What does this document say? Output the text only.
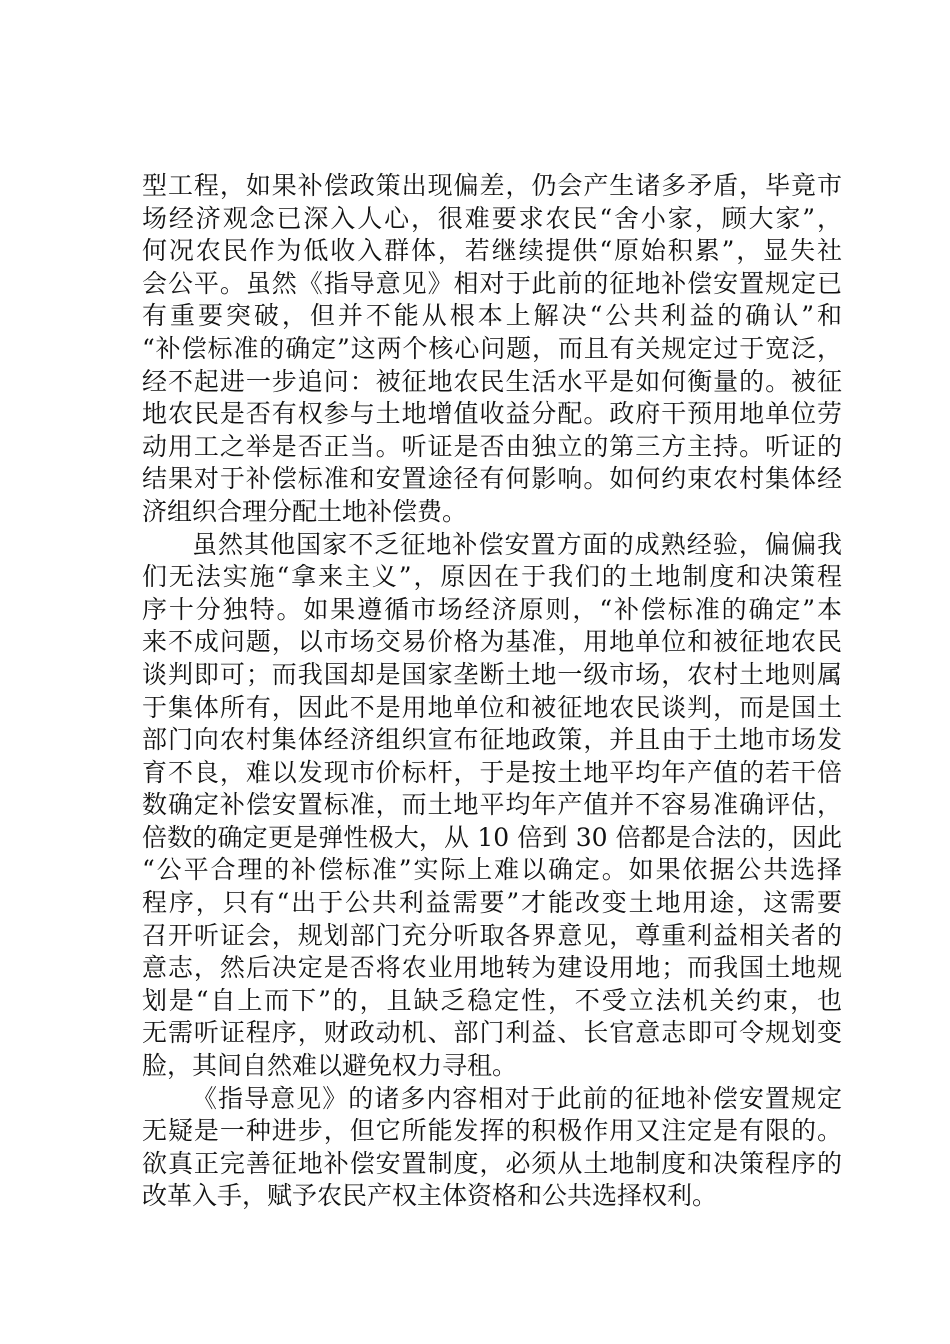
型工程，如果补偿政策出现偏差，仍会产生诸多矛盾，毕竟市
场经济观念已深入人心，很难要求农民“舍小家，顾大家”，
何况农民作为低收入群体，若继续提供“原始积累”，显失社
会公平。虽然《指导意见》相对于此前的征地补偿安置规定已
有重要突破，但并不能从根本上解决“公共利益的确认”和
“补偿标准的确定”这两个核心问题，而且有关规定过于宽泛，
经不起进一步追问：被征地农民生活水平是如何衡量的。被征
地农民是否有权参与土地增值收益分配。政府干预用地单位劳
动用工之举是否正当。听证是否由独立的第三方主持。听证的
结果对于补偿标准和安置途径有何影响。如何约束农村集体经
济组织合理分配土地补偿费。
虽然其他国家不乏征地补偿安置方面的成熟经验，偏偏我
们无法实施“拿来主义”，原因在于我们的土地制度和决策程
序十分独特。如果遵循市场经济原则，“补偿标准的确定”本
来不成问题，以市场交易价格为基准，用地单位和被征地农民
谈判即可；而我国却是国家垄断土地一级市场，农村土地则属
于集体所有，因此不是用地单位和被征地农民谈判，而是国土
部门向农村集体经济组织宣布征地政策，并且由于土地市场发
育不良，难以发现市价标杆，于是按土地平均年产值的若干倍
数确定补偿安置标准，而土地平均年产值并不容易准确评估，
倍数的确定更是弹性极大，从 10 倍到 30 倍都是合法的，因此
“公平合理的补偿标准”实际上难以确定。如果依据公共选择
程序，只有“出于公共利益需要”才能改变土地用途，这需要
召开听证会，规划部门充分听取各界意见，尊重利益相关者的
意志，然后决定是否将农业用地转为建设用地；而我国土地规
划是“自上而下”的，且缺乏稳定性，不受立法机关约束，也
无需听证程序，财政动机、部门利益、长官意志即可令规划变
脸，其间自然难以避免权力寻租。
《指导意见》的诸多内容相对于此前的征地补偿安置规定
无疑是一种进步，但它所能发挥的积极作用又注定是有限的。
欲真正完善征地补偿安置制度，必须从土地制度和决策程序的
改革入手，赋予农民产权主体资格和公共选择权利。
